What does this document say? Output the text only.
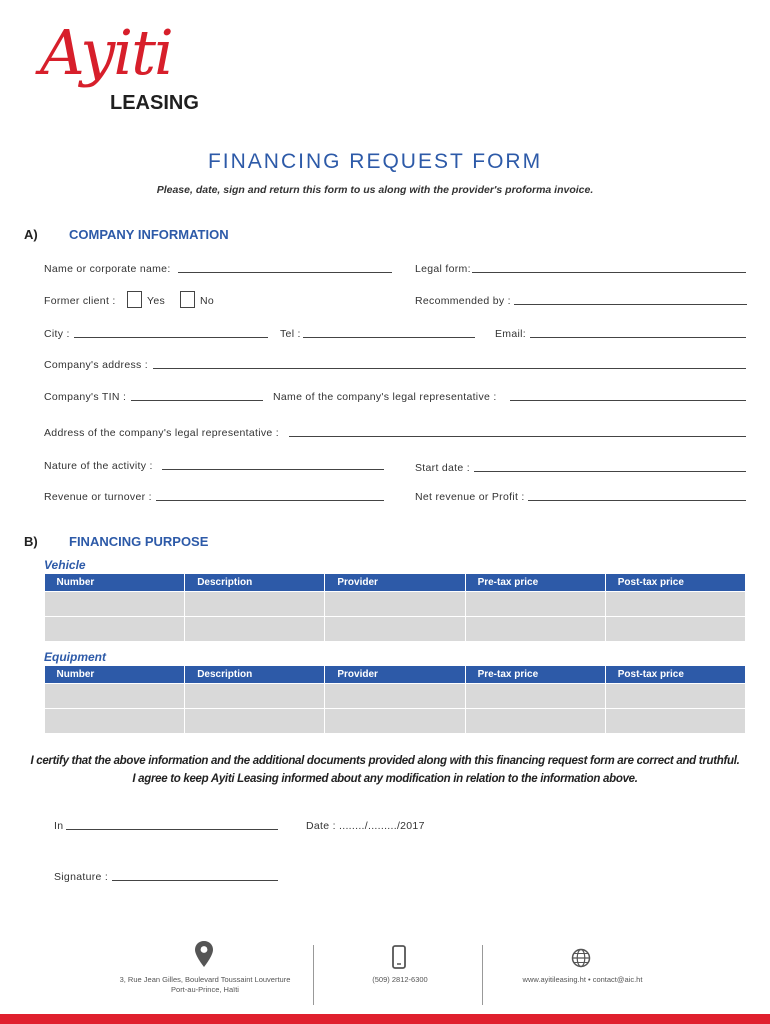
Ayiti
LEASING
FINANCING REQUEST FORM
Please, date, sign and return this form to us along with the provider's proforma invoice.
A) COMPANY INFORMATION
Name or corporate name:	Legal form:
Former client :	Yes	No	Recommended by :
City :	Tel :	Email:
Company's address :
Company's TIN :	Name of the company's legal representative :
Address of the company's legal representative :
Nature of the activity :	Start date :
Revenue or turnover :	Net revenue or Profit :
B) FINANCING PURPOSE
Vehicle
Number	Description	Provider	Pre-tax price	Post-tax price

Equipment
Number	Description	Provider	Pre-tax price	Post-tax price

I certify that the above information and the additional documents provided along with this financing request form are correct and truthful.
I agree to keep Ayiti Leasing informed about any modification in relation to the information above.
In	Date : ......../........./2017
Signature :
3, Rue Jean Gilles, Boulevard Toussaint Louverture
Port-au-Prince, Haïti
(509) 2812-6300	www.ayitileasing.ht • contact@aic.ht
